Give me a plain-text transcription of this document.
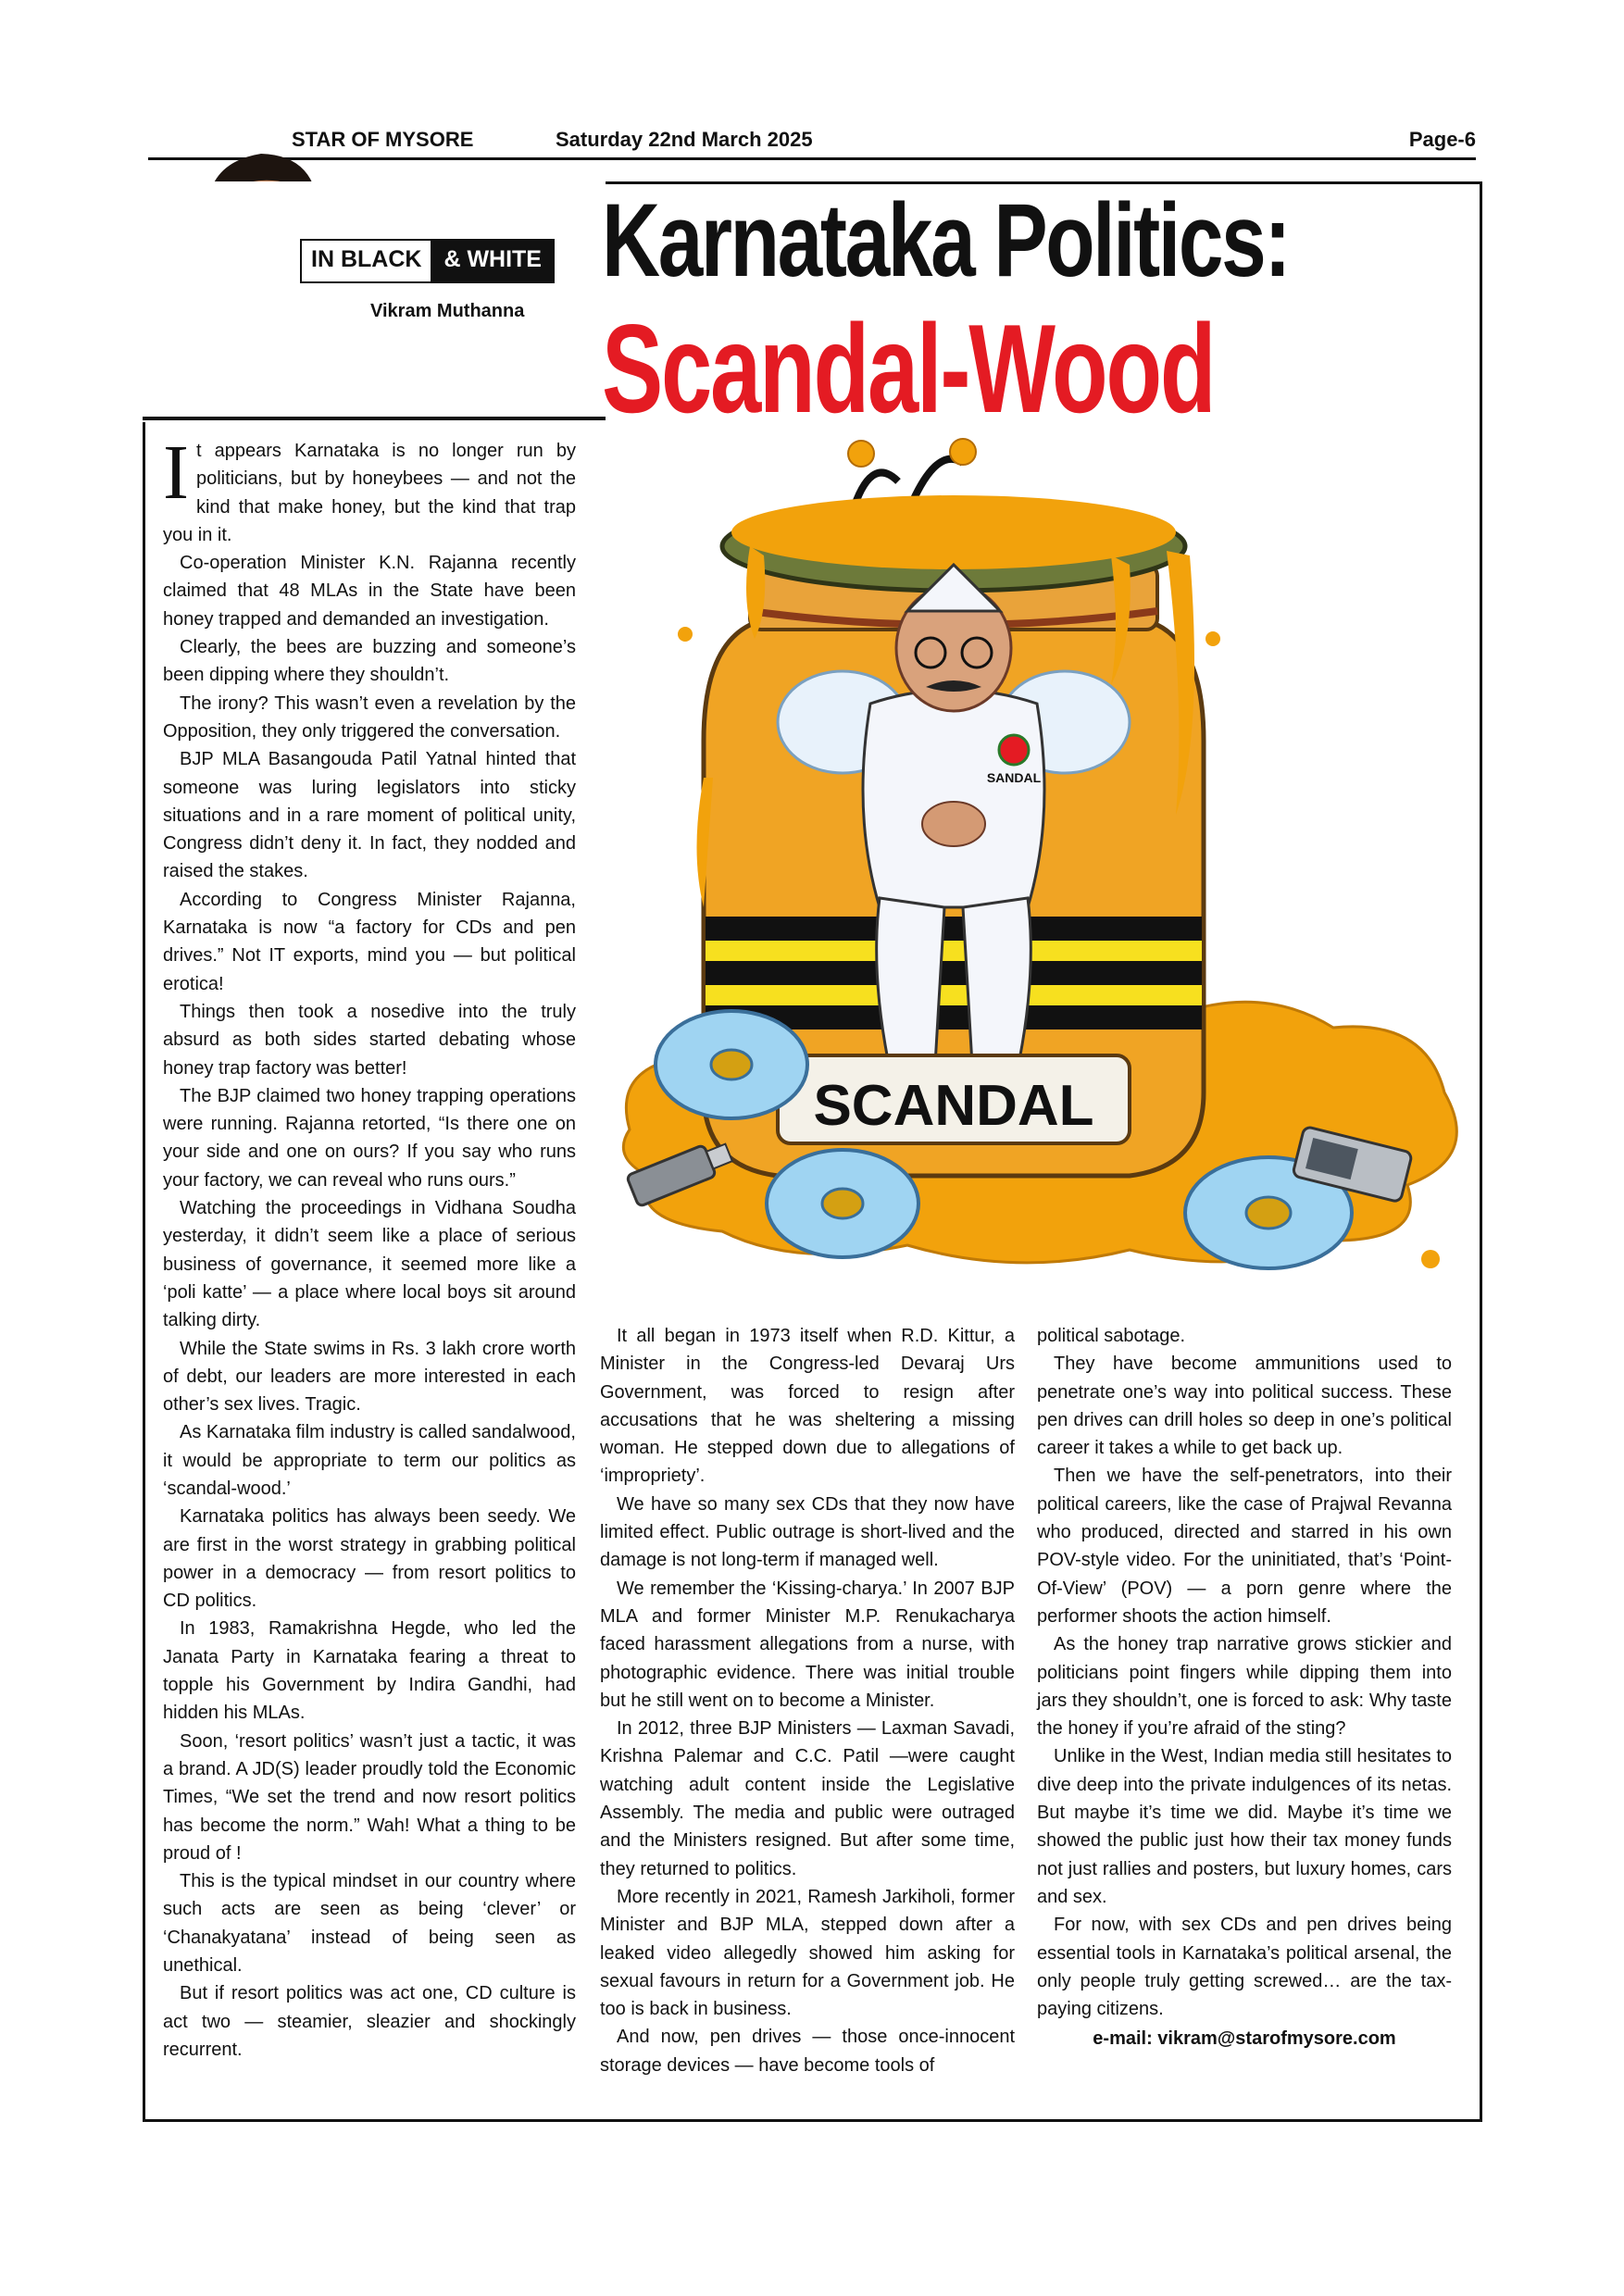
STAR OF MYSORE	Saturday 22nd March 2025	Page-6
IN BLACK & WHITE
Vikram Muthanna
Karnataka Politics:
Scandal-Wood
SANDAL
SCANDAL

It appears Karnataka is no longer run by politicians, but by honeybees — and not the kind that make honey, but the kind that trap you in it.

Co-operation Minister K.N. Rajanna recently claimed that 48 MLAs in the State have been honey trapped and demanded an investigation.

Clearly, the bees are buzzing and someone’s been dipping where they shouldn’t.

The irony? This wasn’t even a revelation by the Opposition, they only triggered the conversation.

BJP MLA Basangouda Patil Yatnal hinted that someone was luring legislators into sticky situations and in a rare moment of political unity, Congress didn’t deny it. In fact, they nodded and raised the stakes.

According to Congress Minister Rajanna, Karnataka is now “a factory for CDs and pen drives.” Not IT exports, mind you — but political erotica!

Things then took a nosedive into the truly absurd as both sides started debating whose honey trap factory was better!

The BJP claimed two honey trapping operations were running. Rajanna retorted, “Is there one on your side and one on ours? If you say who runs your factory, we can reveal who runs ours.”

Watching the proceedings in Vidhana Soudha yesterday, it didn’t seem like a place of serious business of governance, it seemed more like a ‘poli katte’ — a place where local boys sit around talking dirty.

While the State swims in Rs. 3 lakh crore worth of debt, our leaders are more interested in each other’s sex lives. Tragic.

As Karnataka film industry is called sandalwood, it would be appropriate to term our politics as ‘scandal-wood.’

Karnataka politics has always been seedy. We are first in the worst strategy in grabbing political power in a democracy — from resort politics to CD politics.

In 1983, Ramakrishna Hegde, who led the Janata Party in Karnataka fearing a threat to topple his Government by Indira Gandhi, had hidden his MLAs.

Soon, ‘resort politics’ wasn’t just a tactic, it was a brand. A JD(S) leader proudly told the Economic Times, “We set the trend and now resort politics has become the norm.” Wah! What a thing to be proud of !

This is the typical mindset in our country where such acts are seen as being ‘clever’ or ‘Chanakyatana’ instead of being seen as unethical.

But if resort politics was act one, CD culture is act two — steamier, sleazier and shockingly recurrent.

It all began in 1973 itself when R.D. Kittur, a Minister in the Congress-led Devaraj Urs Government, was forced to resign after accusations that he was sheltering a missing woman. He stepped down due to allegations of ‘impropriety’.

We have so many sex CDs that they now have limited effect. Public outrage is short-lived and the damage is not long-term if managed well.

We remember the ‘Kissing-charya.’ In 2007 BJP MLA and former Minister M.P. Renukacharya faced harassment allegations from a nurse, with photographic evidence. There was initial trouble but he still went on to become a Minister.

In 2012, three BJP Ministers — Laxman Savadi, Krishna Palemar and C.C. Patil —were caught watching adult content inside the Legislative Assembly. The media and public were outraged and the Ministers resigned. But after some time, they returned to politics.

More recently in 2021, Ramesh Jarkiholi, former Minister and BJP MLA, stepped down after a leaked video allegedly showed him asking for sexual favours in return for a Government job. He too is back in business.

And now, pen drives — those once-innocent storage devices — have become tools of

political sabotage.

They have become ammunitions used to penetrate one’s way into political success. These pen drives can drill holes so deep in one’s political career it takes a while to get back up.

Then we have the self-penetrators, into their political careers, like the case of Prajwal Revanna who produced, directed and starred in his own POV-style video. For the uninitiated, that’s ‘Point-Of-View’ (POV) — a porn genre where the performer shoots the action himself.

As the honey trap narrative grows stickier and politicians point fingers while dipping them into jars they shouldn’t, one is forced to ask: Why taste the honey if you’re afraid of the sting?

Unlike in the West, Indian media still hesitates to dive deep into the private indulgences of its netas. But maybe it’s time we did. Maybe it’s time we showed the public just how their tax money funds not just rallies and posters, but luxury homes, cars and sex.

For now, with sex CDs and pen drives being essential tools in Karnataka’s political arsenal, the only people truly getting screwed… are the tax-paying citizens.

e-mail: vikram@starofmysore.com
